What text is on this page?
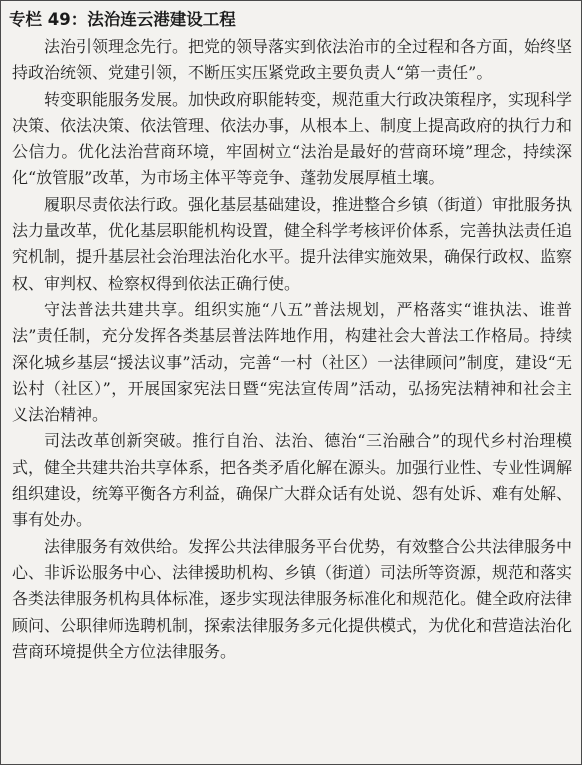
专栏 49：法治连云港建设工程

法治引领理念先行。把党的领导落实到依法治市的全过程和各方面，始终坚持政治统领、党建引领，不断压实压紧党政主要负责人“第一责任”。

转变职能服务发展。加快政府职能转变，规范重大行政决策程序，实现科学决策、依法决策、依法管理、依法办事，从根本上、制度上提高政府的执行力和公信力。优化法治营商环境，牢固树立“法治是最好的营商环境”理念，持续深化“放管服”改革，为市场主体平等竞争、蓬勃发展厚植土壤。

履职尽责依法行政。强化基层基础建设，推进整合乡镇（街道）审批服务执法力量改革，优化基层职能机构设置，健全科学考核评价体系，完善执法责任追究机制，提升基层社会治理法治化水平。提升法律实施效果，确保行政权、监察权、审判权、检察权得到依法正确行使。

守法普法共建共享。组织实施“八五”普法规划，严格落实“谁执法、谁普法”责任制，充分发挥各类基层普法阵地作用，构建社会大普法工作格局。持续深化城乡基层“援法议事”活动，完善“一村（社区）一法律顾问”制度，建设“无讼村（社区）”，开展国家宪法日暨“宪法宣传周”活动，弘扬宪法精神和社会主义法治精神。

司法改革创新突破。推行自治、法治、德治“三治融合”的现代乡村治理模式，健全共建共治共享体系，把各类矛盾化解在源头。加强行业性、专业性调解组织建设，统筹平衡各方利益，确保广大群众话有处说、怨有处诉、难有处解、事有处办。

法律服务有效供给。发挥公共法律服务平台优势，有效整合公共法律服务中心、非诉讼服务中心、法律援助机构、乡镇（街道）司法所等资源，规范和落实各类法律服务机构具体标准，逐步实现法律服务标准化和规范化。健全政府法律顾问、公职律师选聘机制，探索法律服务多元化提供模式，为优化和营造法治化营商环境提供全方位法律服务。
